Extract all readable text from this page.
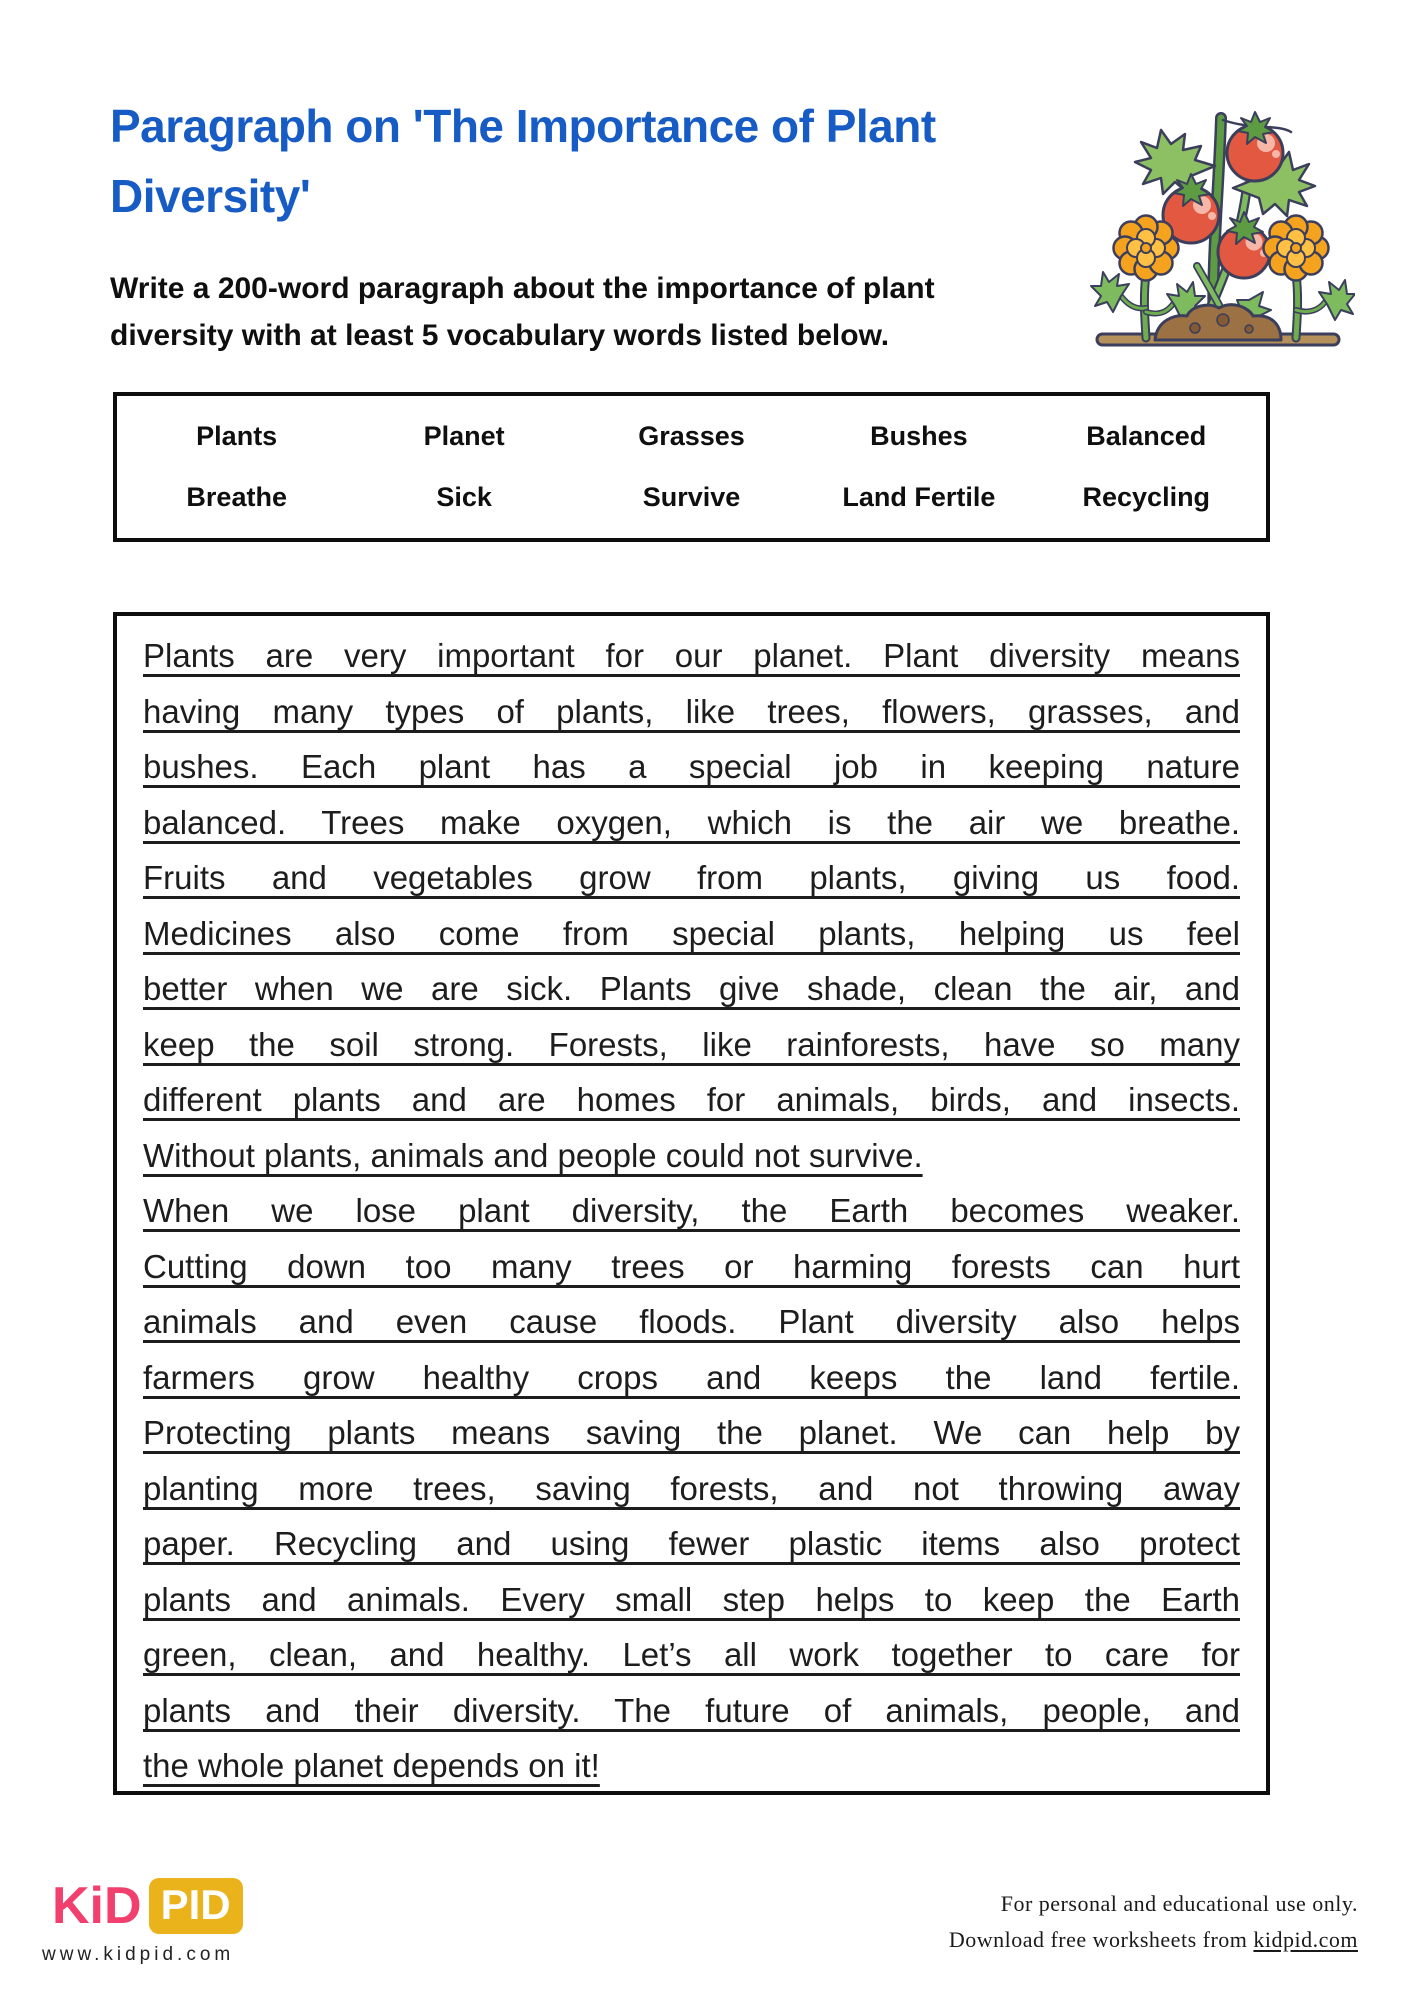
Paragraph on 'The Importance of Plant
Diversity'
Write a 200-word paragraph about the importance of plant
diversity with at least 5 vocabulary words listed below.
Plants	Planet	Grasses	Bushes	Balanced
Breathe	Sick	Survive	Land Fertile	Recycling
Plants are very important for our planet. Plant diversity means
having many types of plants, like trees, flowers, grasses, and
bushes. Each plant has a special job in keeping nature
balanced. Trees make oxygen, which is the air we breathe.
Fruits and vegetables grow from plants, giving us food.
Medicines also come from special plants, helping us feel
better when we are sick. Plants give shade, clean the air, and
keep the soil strong. Forests, like rainforests, have so many
different plants and are homes for animals, birds, and insects.
Without plants, animals and people could not survive.
When we lose plant diversity, the Earth becomes weaker.
Cutting down too many trees or harming forests can hurt
animals and even cause floods. Plant diversity also helps
farmers grow healthy crops and keeps the land fertile.
Protecting plants means saving the planet. We can help by
planting more trees, saving forests, and not throwing away
paper. Recycling and using fewer plastic items also protect
plants and animals. Every small step helps to keep the Earth
green, clean, and healthy. Let’s all work together to care for
plants and their diversity. The future of animals, people, and
the whole planet depends on it!
KiD PID
www.kidpid.com
For personal and educational use only.
Download free worksheets from kidpid.com
